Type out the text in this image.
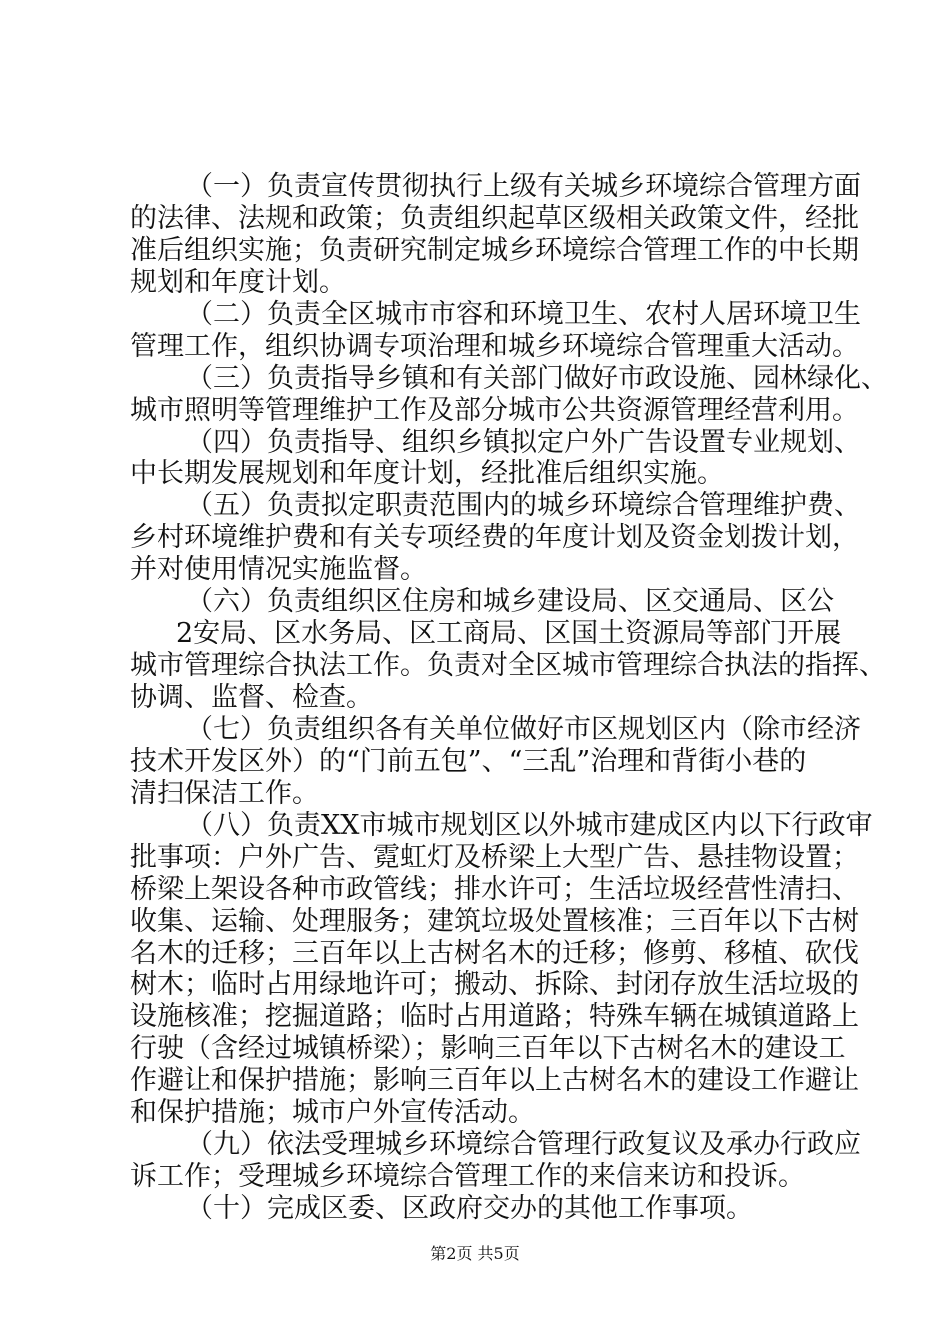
（一）负责宣传贯彻执行上级有关城乡环境综合管理方面
的法律、法规和政策；负责组织起草区级相关政策文件，经批
准后组织实施；负责研究制定城乡环境综合管理工作的中长期
规划和年度计划。
（二）负责全区城市市容和环境卫生、农村人居环境卫生
管理工作，组织协调专项治理和城乡环境综合管理重大活动。
（三）负责指导乡镇和有关部门做好市政设施、园林绿化、
城市照明等管理维护工作及部分城市公共资源管理经营利用。
（四）负责指导、组织乡镇拟定户外广告设置专业规划、
中长期发展规划和年度计划，经批准后组织实施。
（五）负责拟定职责范围内的城乡环境综合管理维护费、
乡村环境维护费和有关专项经费的年度计划及资金划拨计划，
并对使用情况实施监督。
（六）负责组织区住房和城乡建设局、区交通局、区公
2安局、区水务局、区工商局、区国土资源局等部门开展
城市管理综合执法工作。负责对全区城市管理综合执法的指挥、
协调、监督、检查。
（七）负责组织各有关单位做好市区规划区内（除市经济
技术开发区外）的“门前五包”、“三乱”治理和背街小巷的
清扫保洁工作。
（八）负责XX市城市规划区以外城市建成区内以下行政审
批事项：户外广告、霓虹灯及桥梁上大型广告、悬挂物设置；
桥梁上架设各种市政管线；排水许可；生活垃圾经营性清扫、
收集、运输、处理服务；建筑垃圾处置核准；三百年以下古树
名木的迁移；三百年以上古树名木的迁移；修剪、移植、砍伐
树木；临时占用绿地许可；搬动、拆除、封闭存放生活垃圾的
设施核准；挖掘道路；临时占用道路；特殊车辆在城镇道路上
行驶（含经过城镇桥梁）；影响三百年以下古树名木的建设工
作避让和保护措施；影响三百年以上古树名木的建设工作避让
和保护措施；城市户外宣传活动。
（九）依法受理城乡环境综合管理行政复议及承办行政应
诉工作；受理城乡环境综合管理工作的来信来访和投诉。
（十）完成区委、区政府交办的其他工作事项。
第2页 共5页
